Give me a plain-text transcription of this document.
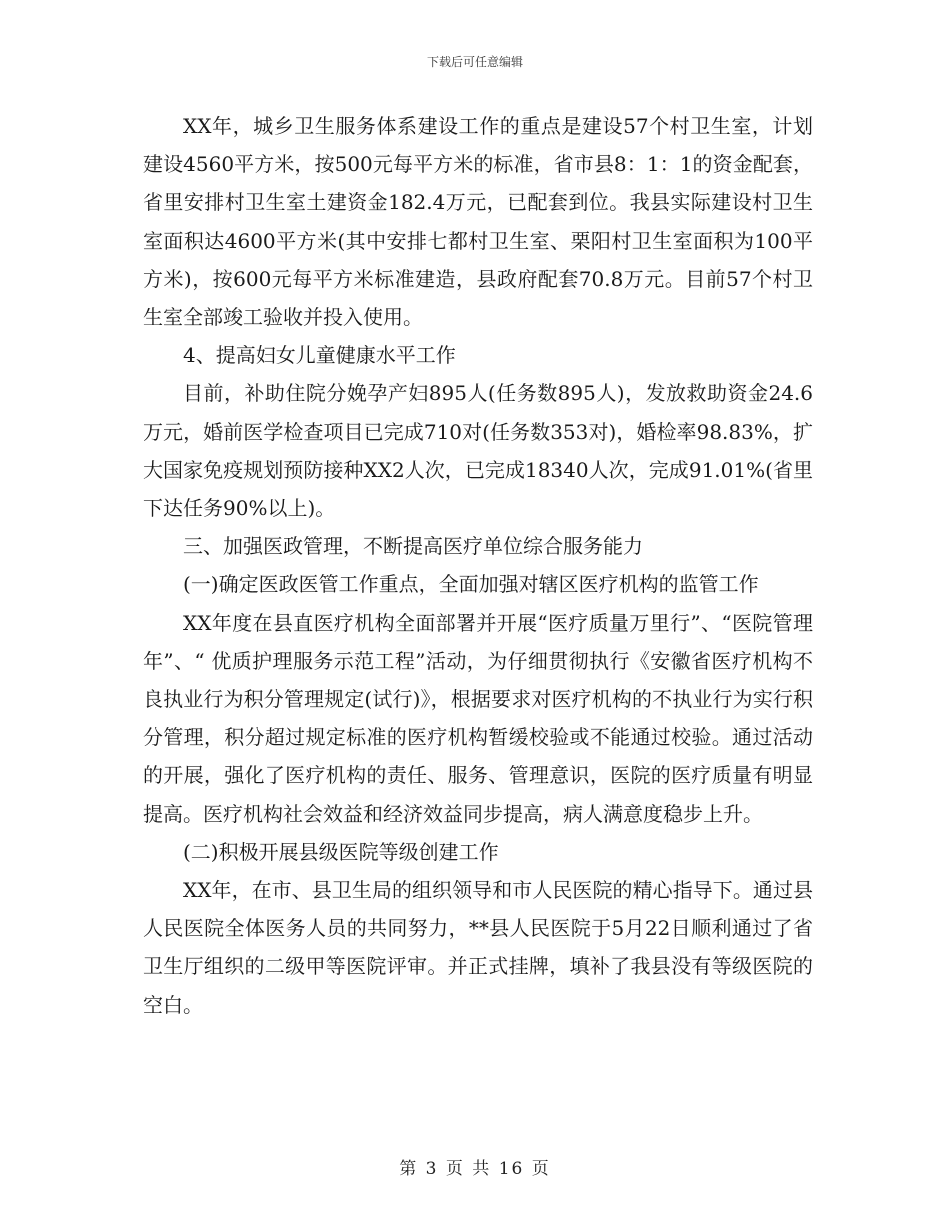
下载后可任意编辑

XX年，城乡卫生服务体系建设工作的重点是建设57个村卫生室，计划建设4560平方米，按500元每平方米的标准，省市县8：1：1的资金配套，省里安排村卫生室土建资金182.4万元，已配套到位。我县实际建设村卫生室面积达4600平方米(其中安排七都村卫生室、栗阳村卫生室面积为100平方米)，按600元每平方米标准建造，县政府配套70.8万元。目前57个村卫生室全部竣工验收并投入使用。

4、提高妇女儿童健康水平工作

目前，补助住院分娩孕产妇895人(任务数895人)，发放救助资金24.6万元，婚前医学检查项目已完成710对(任务数353对)，婚检率98.83%，扩大国家免疫规划预防接种XX2人次，已完成18340人次，完成91.01%(省里下达任务90%以上)。

三、加强医政管理，不断提高医疗单位综合服务能力

(一)确定医政医管工作重点，全面加强对辖区医疗机构的监管工作

XX年度在县直医疗机构全面部署并开展“医疗质量万里行”、“医院管理年”、“ 优质护理服务示范工程”活动，为仔细贯彻执行《安徽省医疗机构不良执业行为积分管理规定(试行)》，根据要求对医疗机构的不执业行为实行积分管理，积分超过规定标准的医疗机构暂缓校验或不能通过校验。通过活动的开展，强化了医疗机构的责任、服务、管理意识，医院的医疗质量有明显提高。医疗机构社会效益和经济效益同步提高，病人满意度稳步上升。

(二)积极开展县级医院等级创建工作

XX年，在市、县卫生局的组织领导和市人民医院的精心指导下。通过县人民医院全体医务人员的共同努力，**县人民医院于5月22日顺利通过了省卫生厅组织的二级甲等医院评审。并正式挂牌，填补了我县没有等级医院的空白。

第 3 页 共 16 页
